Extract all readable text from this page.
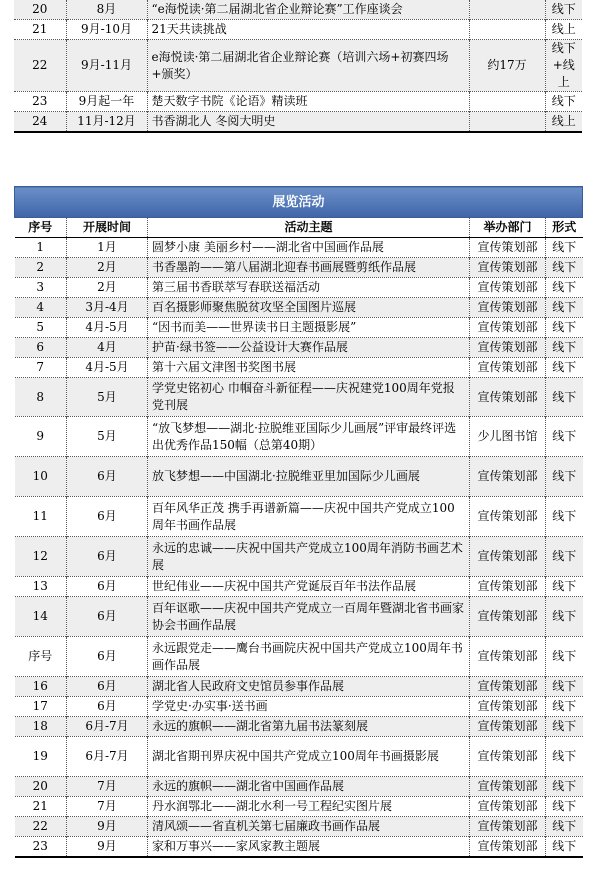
20	8月	“e海悦读·第二届湖北省企业辩论赛”工作座谈会		线下
21	9月-10月	21天共读挑战		线上
22	9月-11月	e海悦读·第二届湖北省企业辩论赛（培训六场+初赛四场+颁奖）	约17万	线下+线上
23	9月起一年	楚天数字书院《论语》精读班		线下
24	11月-12月	书香湖北人 冬阅大明史		线上
展览活动				
序号	开展时间	活动主题	举办部门	形式
1	1月	圆梦小康 美丽乡村——湖北省中国画作品展	宣传策划部	线下
2	2月	书香墨韵——第八届湖北迎春书画展暨剪纸作品展	宣传策划部	线下
3	2月	第三届书香联萃写春联送福活动	宣传策划部	线下
4	3月-4月	百名摄影师聚焦脱贫攻坚全国图片巡展	宣传策划部	线下
5	4月-5月	“因书而美——世界读书日主题摄影展”	宣传策划部	线下
6	4月	护苗·绿书签——公益设计大赛作品展	宣传策划部	线下
7	4月-5月	第十六届文津图书奖图书展	宣传策划部	线下
8	5月	学党史铭初心 巾帼奋斗新征程——庆祝建党100周年党报党刊展	宣传策划部	线下
9	5月	“放飞梦想——湖北·拉脱维亚国际少儿画展”评审最终评选出优秀作品150幅（总第40期）	少儿图书馆	线下
10	6月	放飞梦想——中国湖北·拉脱维亚里加国际少儿画展	宣传策划部	线下
11	6月	百年风华正茂 携手再谱新篇——庆祝中国共产党成立100周年书画作品展	宣传策划部	线下
12	6月	永远的忠诚——庆祝中国共产党成立100周年消防书画艺术展	宣传策划部	线下
13	6月	世纪伟业——庆祝中国共产党诞辰百年书法作品展	宣传策划部	线下
14	6月	百年讴歌——庆祝中国共产党成立一百周年暨湖北省书画家协会书画作品展	宣传策划部	线下
序号	6月	永远跟党走——鹰台书画院庆祝中国共产党成立100周年书画作品展	宣传策划部	线下
16	6月	湖北省人民政府文史馆员参事作品展	宣传策划部	线下
17	6月	学党史·办实事·送书画	宣传策划部	线下
18	6月-7月	永远的旗帜——湖北省第九届书法篆刻展	宣传策划部	线下
19	6月-7月	湖北省期刊界庆祝中国共产党成立100周年书画摄影展	宣传策划部	线下
20	7月	永远的旗帜——湖北省中国画作品展	宣传策划部	线下
21	7月	丹水润鄂北——湖北水利一号工程纪实图片展	宣传策划部	线下
22	9月	清风颂——省直机关第七届廉政书画作品展	宣传策划部	线下
23	9月	家和万事兴——家风家教主题展	宣传策划部	线下
